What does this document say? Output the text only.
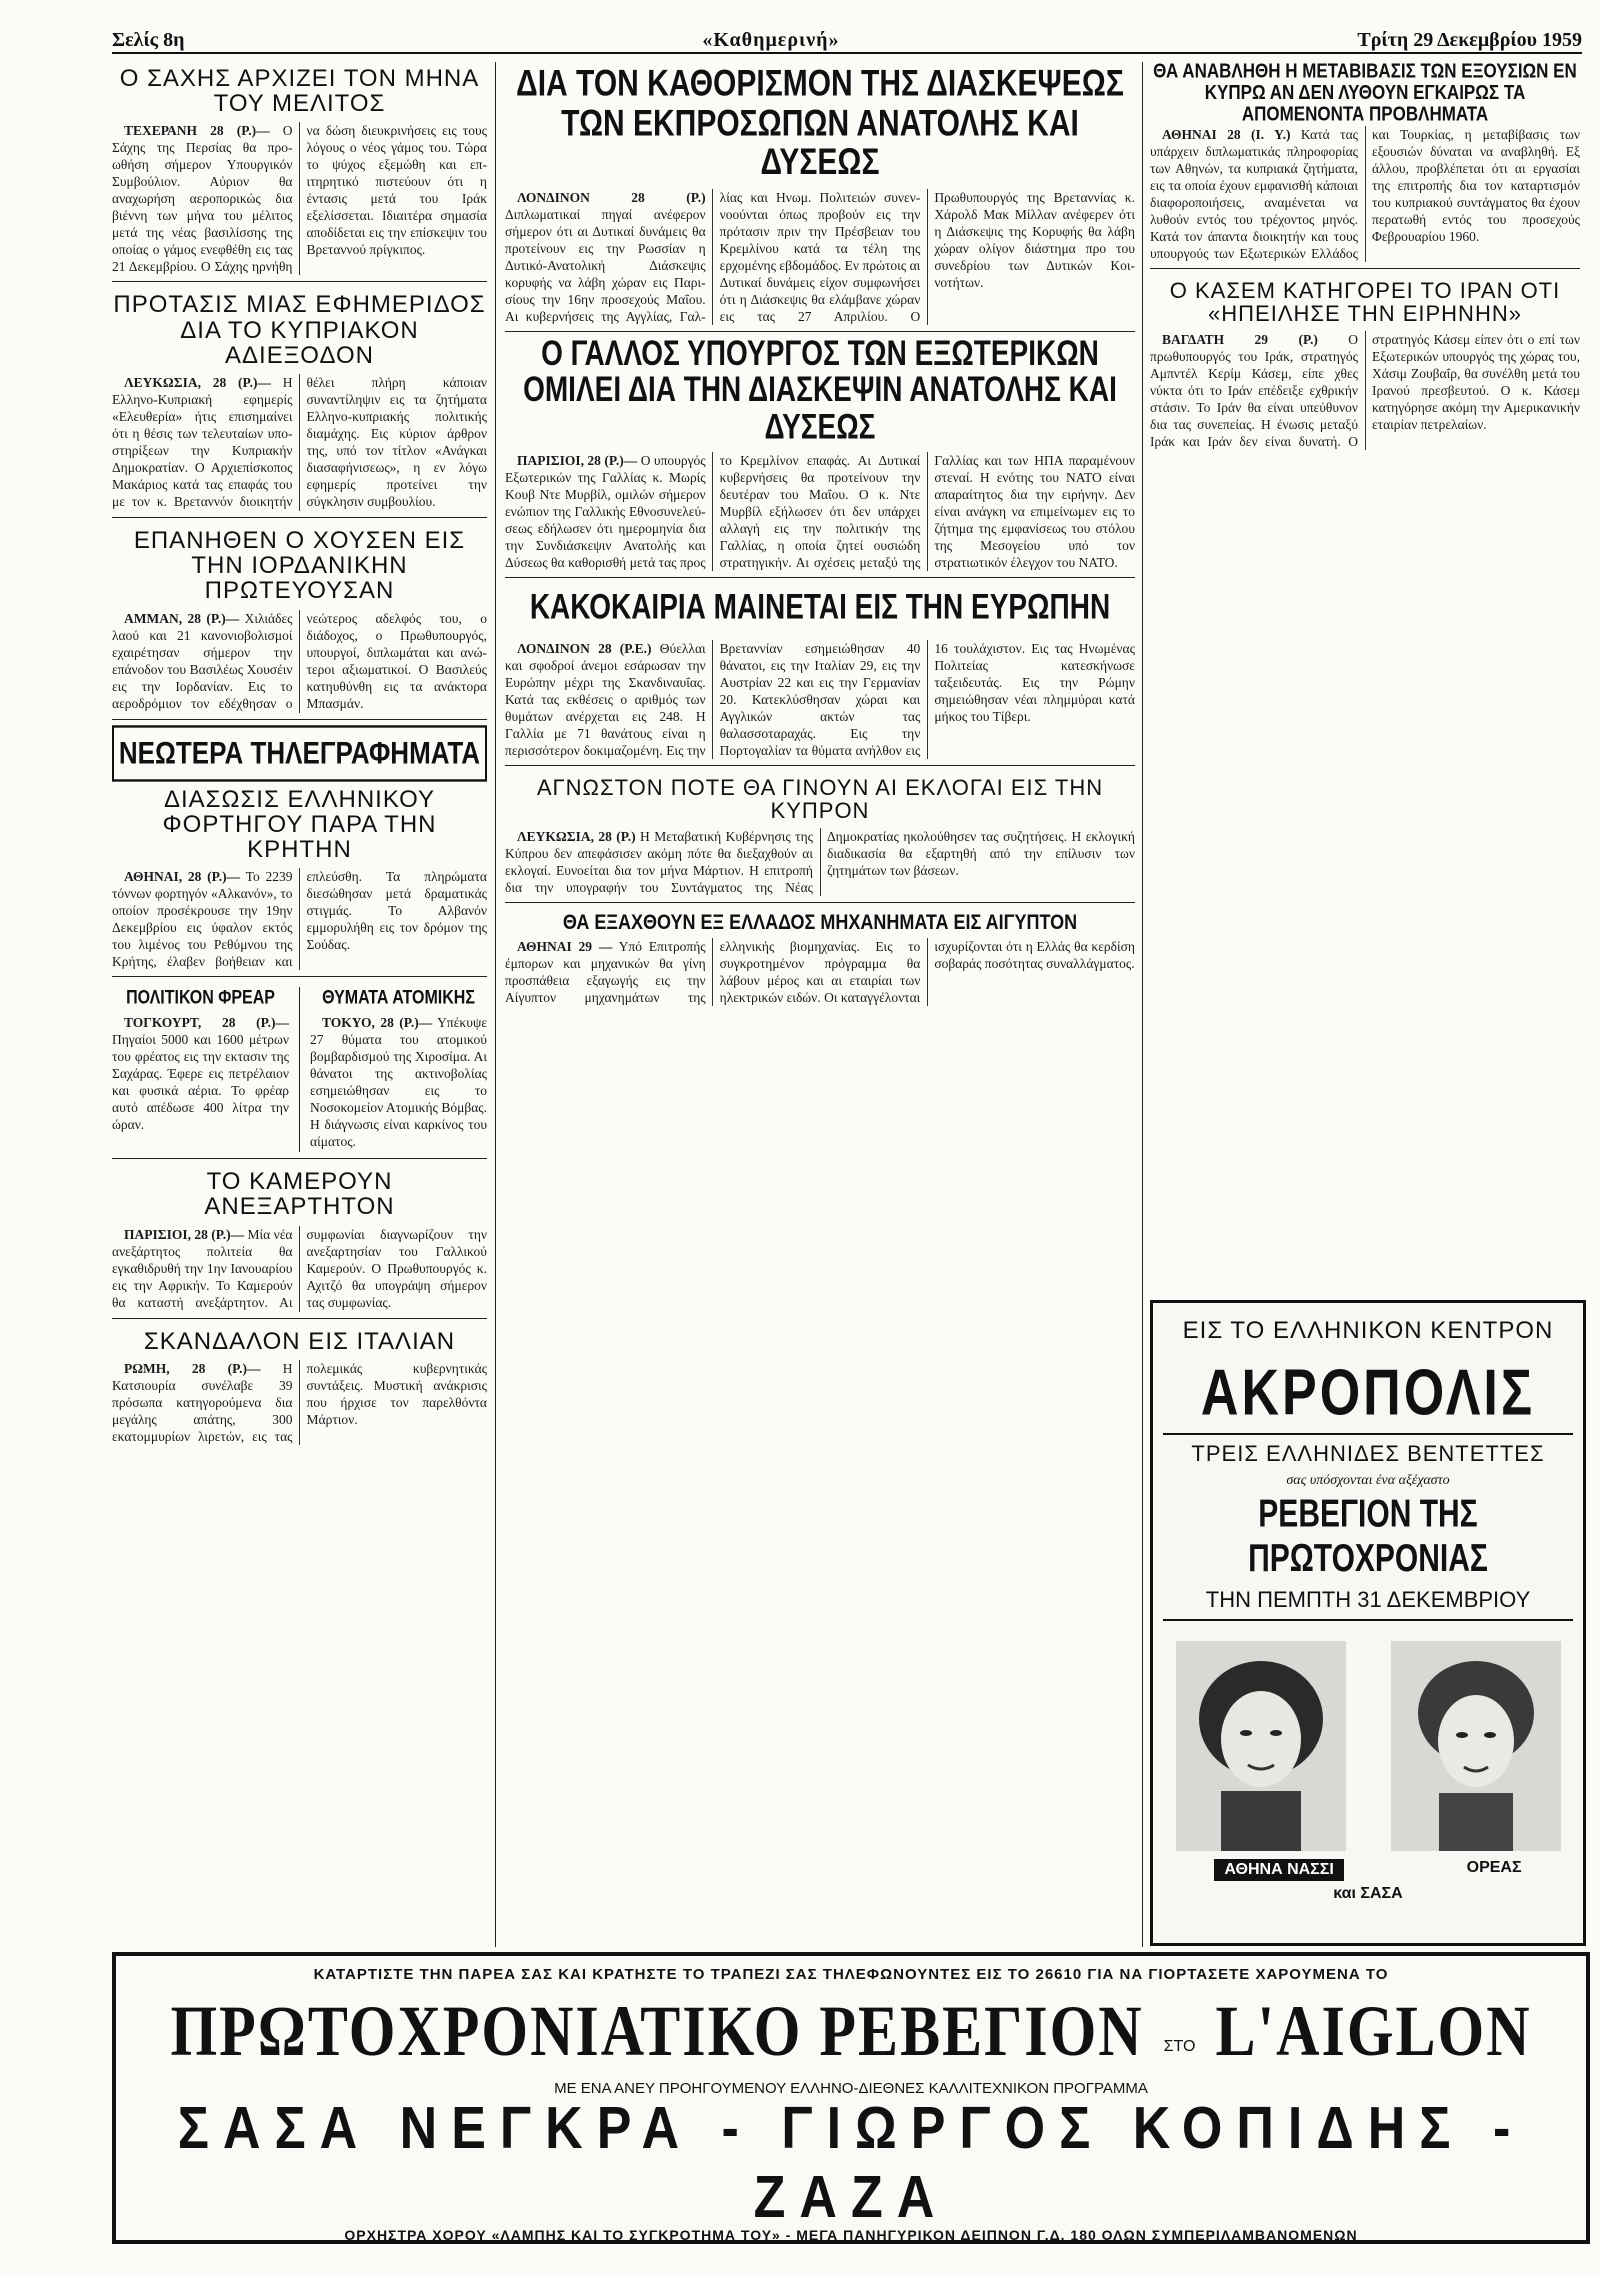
Σελίς 8η	«Καθημερινή»	Τρίτη 29 Δεκεμβρίου 1959
Ο ΣΑΧΗΣ ΑΡΧΙΖΕΙ ΤΟΝ ΜΗΝΑ ΤΟΥ ΜΕΛΙΤΟΣ

ΤΕΧΕΡΑΝΗ 28 (Ρ.)— Ο Σάχης της Περσίας θα προωθήση σήμερον Υπουργικόν Συμβούλιον. Αύριον θα αναχωρήση αεροπορικώς δια βιέννη των μήνα του μέλιτος μετά της νέας βασιλίσσης της οποίας ο γάμος ενεφθέθη εις τας 21 Δεκεμβρίου. Ο Σάχης ηρνήθη να δώση διευκρινήσεις εις τους λόγους ο νέος γάμος του. Τώρα το ψύχος εξεμώθη και επιτηρητικό πιστεύουν ότι η έντασις μετά του Ιράκ εξελίσσεται. Ιδιαιτέρα σημασία αποδίδεται εις την επίσκεψιν του Βρεταννού πρίγκιπος.

ΠΡΟΤΑΣΙΣ ΜΙΑΣ ΕΦΗΜΕΡΙΔΟΣ ΔΙΑ ΤΟ ΚΥΠΡΙΑΚΟΝ ΑΔΙΕΞΟΔΟΝ

ΛΕΥΚΩΣΙΑ, 28 (Ρ.)— Η Ελληνο-Κυπριακή εφημερίς «Ελευθερία» ήτις επισημαίνει ότι η θέσις των τελευταίων υποστηρίξεων την Κυπριακήν Δημοκρατίαν. Ο Αρχιεπίσκοπος Μακάριος κατά τας επαφάς του με τον κ. Βρεταννόν διοικητήν θέλει πλήρη κάποιαν συναντίληψιν εις τα ζητήματα Ελληνο-κυπριακής πολιτικής διαμάχης. Εις κύριον άρθρον της, υπό τον τίτλον «Ανάγκαι διασαφήνισεως», η εν λόγω εφημερίς προτείνει την σύγκλησιν συμβουλίου.

ΕΠΑΝΗΘΕΝ Ο ΧΟΥΣΕΝ ΕΙΣ ΤΗΝ ΙΟΡΔΑΝΙΚΗΝ ΠΡΩΤΕΥΟΥΣΑΝ

ΑΜΜΑΝ, 28 (Ρ.)— Χιλιάδες λαού και 21 κανονιοβολισμοί εχαιρέτησαν σήμερον την επάνοδον του Βασιλέως Χουσέιν εις την Ιορδανίαν. Εις το αεροδρόμιον τον εδέχθησαν ο νεώτερος αδελφός του, ο διάδοχος, ο Πρωθυπουργός, υπουργοί, διπλωμάται και ανώτεροι αξιωματικοί. Ο Βασιλεύς κατηυθύνθη εις τα ανάκτορα Μπασμάν.

ΝΕΩΤΕΡΑ ΤΗΛΕΓΡΑΦΗΜΑΤΑ
ΔΙΑΣΩΣΙΣ ΕΛΛΗΝΙΚΟΥ ΦΟΡΤΗΓΟΥ ΠΑΡΑ ΤΗΝ ΚΡΗΤΗΝ

ΑΘΗΝΑΙ, 28 (Ρ.)— Το 2239 τόννων φορτηγόν «Αλκανόν», το οποίον προσέκρουσε την 19ην Δεκεμβρίου εις ύφαλον εκτός του λιμένος του Ρεθύμνου της Κρήτης, έλαβεν βοήθειαν και επλεύσθη. Τα πληρώματα διεσώθησαν μετά δραματικάς στιγμάς. Το Αλβανόν εμμορυλήθη εις τον δρόμον της Σούδας.

ΠΟΛΙΤΙΚΟΝ ΦΡΕΑΡ

ΤΟΓΚΟΥΡΤ, 28 (Ρ.)— Πηγαίοι 5000 και 1600 μέτρων του φρέατος εις την εκτασιν της Σαχάρας. Έφερε εις πετρέλαιον και φυσικά αέρια. Το φρέαρ αυτό απέδωσε 400 λίτρα την ώραν.

ΘΥΜΑΤΑ ΑΤΟΜΙΚΗΣ

ΤΟΚΥΟ, 28 (Ρ.)— Υπέκυψε 27 θύματα του ατομικού βομβαρδισμού της Χιροσίμα. Αι θάνατοι της ακτινοβολίας εσημειώθησαν εις το Νοσοκομείον Ατομικής Βόμβας. Η διάγνωσις είναι καρκίνος του αίματος.

ΤΟ ΚΑΜΕΡΟΥΝ ΑΝΕΞΑΡΤΗΤΟΝ

ΠΑΡΙΣΙΟΙ, 28 (Ρ.)— Μία νέα ανεξάρτητος πολιτεία θα εγκαθιδρυθή την 1ην Ιανουαρίου εις την Αφρικήν. Το Καμερούν θα καταστή ανεξάρτητον. Αι συμφωνίαι διαγνωρίζουν την ανεξαρτησίαν του Γαλλικού Καμερούν. Ο Πρωθυπουργός κ. Αχιτζό θα υπογράψη σήμερον τας συμφωνίας.

ΣΚΑΝΔΑΛΟΝ ΕΙΣ ΙΤΑΛΙΑΝ

ΡΩΜΗ, 28 (Ρ.)— Η Κατσιουρία συνέλαβε 39 πρόσωπα κατηγορούμενα δια μεγάλης απάτης, 300 εκατομμυρίων λιρετών, εις τας πολεμικάς κυβερνητικάς συντάξεις. Μυστική ανάκρισις που ήρχισε τον παρελθόντα Μάρτιον.

ΔΙΑ ΤΟΝ ΚΑΘΟΡΙΣΜΟΝ ΤΗΣ ΔΙΑΣΚΕΨΕΩΣ ΤΩΝ ΕΚΠΡΟΣΩΠΩΝ ΑΝΑΤΟΛΗΣ ΚΑΙ ΔΥΣΕΩΣ

ΛΟΝΔΙΝΟΝ 28 (Ρ.) Διπλωματικαί πηγαί ανέφερον σήμερον ότι αι Δυτικαί δυνάμεις θα προτείνουν εις την Ρωσσίαν η Δυτικό-Ανατολική Διάσκεψις κορυφής να λάβη χώραν εις Παρισίους την 16ην προσεχούς Μαΐου. Αι κυβερνήσεις της Αγγλίας, Γαλλίας και Ηνωμ. Πολιτειών συνεννοούνται όπως προβούν εις την πρότασιν πριν την Πρέσβειαν του Κρεμλίνου κατά τα τέλη της ερχομένης εβδομάδος. Εν πρώτοις αι Δυτικαί δυνάμεις είχον συμφωνήσει ότι η Διάσκεψις θα ελάμβανε χώραν εις τας 27 Απριλίου. Ο Πρωθυπουργός της Βρεταννίας κ. Χάρολδ Μακ Μίλλαν ανέφερεν ότι η Διάσκεψις της Κορυφής θα λάβη χώραν ολίγον διάστημα προ του συνεδρίου των Δυτικών Κοινοτήτων.

Ο ΓΑΛΛΟΣ ΥΠΟΥΡΓΟΣ ΤΩΝ ΕΞΩΤΕΡΙΚΩΝ ΟΜΙΛΕΙ ΔΙΑ ΤΗΝ ΔΙΑΣΚΕΨΙΝ ΑΝΑΤΟΛΗΣ ΚΑΙ ΔΥΣΕΩΣ

ΠΑΡΙΣΙΟΙ, 28 (Ρ.)— Ο υπουργός Εξωτερικών της Γαλλίας κ. Μωρίς Κουβ Ντε Μυρβίλ, ομιλών σήμερον ενώπιον της Γαλλικής Εθνοσυνελεύσεως εδήλωσεν ότι ημερομηνία δια την Συνδιάσκεψιν Ανατολής και Δύσεως θα καθορισθή μετά τας προς το Κρεμλίνον επαφάς. Αι Δυτικαί κυβερνήσεις θα προτείνουν την δευτέραν του Μαΐου. Ο κ. Ντε Μυρβίλ εξήλωσεν ότι δεν υπάρχει αλλαγή εις την πολιτικήν της Γαλλίας, η οποία ζητεί ουσιώδη στρατηγικήν. Αι σχέσεις μεταξύ της Γαλλίας και των ΗΠΑ παραμένουν στεναί. Η ενότης του ΝΑΤΟ είναι απαραίτητος δια την ειρήνην. Δεν είναι ανάγκη να επιμείνωμεν εις το ζήτημα της εμφανίσεως του στόλου της Μεσογείου υπό τον στρατιωτικόν έλεγχον του ΝΑΤΟ.

ΚΑΚΟΚΑΙΡΙΑ ΜΑΙΝΕΤΑΙ ΕΙΣ ΤΗΝ ΕΥΡΩΠΗΝ

ΛΟΝΔΙΝΟΝ 28 (Ρ.Ε.) Θύελλαι και σφοδροί άνεμοι εσάρωσαν την Ευρώπην μέχρι της Σκανδιναυΐας. Κατά τας εκθέσεις ο αριθμός των θυμάτων ανέρχεται εις 248. Η Γαλλία με 71 θανάτους είναι η περισσότερον δοκιμαζομένη. Εις την Βρεταννίαν εσημειώθησαν 40 θάνατοι, εις την Ιταλίαν 29, εις την Αυστρίαν 22 και εις την Γερμανίαν 20. Κατεκλύσθησαν χώραι και Αγγλικών ακτών τας θαλασσοταραχάς. Εις την Πορτογαλίαν τα θύματα ανήλθον εις 16 τουλάχιστον. Εις τας Ηνωμένας Πολιτείας κατεσκήνωσε ταξειδευτάς. Εις την Ρώμην σημειώθησαν νέαι πλημμύραι κατά μήκος του Τίβερι.

ΑΓΝΩΣΤΟΝ ΠΟΤΕ ΘΑ ΓΙΝΟΥΝ ΑΙ ΕΚΛΟΓΑΙ ΕΙΣ ΤΗΝ ΚΥΠΡΟΝ

ΛΕΥΚΩΣΙΑ, 28 (Ρ.) Η Μεταβατική Κυβέρνησις της Κύπρου δεν απεφάσισεν ακόμη πότε θα διεξαχθούν αι εκλογαί. Ευνοείται δια τον μήνα Μάρτιον. Η επιτροπή δια την υπογραφήν του Συντάγματος της Νέας Δημοκρατίας ηκολούθησεν τας συζητήσεις. Η εκλογική διαδικασία θα εξαρτηθή από την επίλυσιν των ζητημάτων των βάσεων.

ΘΑ ΕΞΑΧΘΟΥΝ ΕΞ ΕΛΛΑΔΟΣ ΜΗΧΑΝΗΜΑΤΑ ΕΙΣ ΑΙΓΥΠΤΟΝ

ΑΘΗΝΑΙ 29 — Υπό Επιτροπής έμπορων και μηχανικών θα γίνη προσπάθεια εξαγωγής εις την Αίγυπτον μηχανημάτων της ελληνικής βιομηχανίας. Εις το συγκροτημένον πρόγραμμα θα λάβουν μέρος και αι εταιρίαι των ηλεκτρικών ειδών. Οι καταγγέλονται ισχυρίζονται ότι η Ελλάς θα κερδίση σοβαράς ποσότητας συναλλάγματος.

ΘΑ ΑΝΑΒΛΗΘΗ Η ΜΕΤΑΒΙΒΑΣΙΣ ΤΩΝ ΕΞΟΥΣΙΩΝ ΕΝ ΚΥΠΡΩ ΑΝ ΔΕΝ ΛΥΘΟΥΝ ΕΓΚΑΙΡΩΣ ΤΑ ΑΠΟΜΕΝΟΝΤΑ ΠΡΟΒΛΗΜΑΤΑ

ΑΘΗΝΑΙ 28 (Ι. Υ.) Κατά τας υπάρχειν διπλωματικάς πληροφορίας των Αθηνών, τα κυπριακά ζητήματα, εις τα οποία έχουν εμφανισθή κάποιαι διαφοροποιήσεις, αναμένεται να λυθούν εντός του τρέχοντος μηνός. Κατά τον άπαντα διοικητήν και τους υπουργούς των Εξωτερικών Ελλάδος και Τουρκίας, η μεταβίβασις των εξουσιών δύναται να αναβληθή. Εξ άλλου, προβλέπεται ότι αι εργασίαι της επιτροπής δια τον καταρτισμόν του κυπριακού συντάγματος θα έχουν περατωθή εντός του προσεχούς Φεβρουαρίου 1960.

Ο ΚΑΣΕΜ ΚΑΤΗΓΟΡΕΙ ΤΟ ΙΡΑΝ ΟΤΙ «ΗΠΕΙΛΗΣΕ ΤΗΝ ΕΙΡΗΝΗΝ»

ΒΑΓΔΑΤΗ 29 (Ρ.) Ο πρωθυπουργός του Ιράκ, στρατηγός Αμπντέλ Κερίμ Κάσεμ, είπε χθες νύκτα ότι το Ιράν επέδειξε εχθρικήν στάσιν. Το Ιράν θα είναι υπεύθυνον δια τας συνεπείας. Η ένωσις μεταξύ Ιράκ και Ιράν δεν είναι δυνατή. Ο στρατηγός Κάσεμ είπεν ότι ο επί των Εξωτερικών υπουργός της χώρας του, Χάσιμ Ζουβαΐρ, θα συνέλθη μετά του Ιρανού πρεσβευτού. Ο κ. Κάσεμ κατηγόρησε ακόμη την Αμερικανικήν εταιρίαν πετρελαίων.

ΕΙΣ ΤΟ ΕΛΛΗΝΙΚΟΝ ΚΕΝΤΡΟΝ
ΑΚΡΟΠΟΛΙΣ
ΤΡΕΙΣ ΕΛΛΗΝΙΔΕΣ ΒΕΝΤΕΤΤΕΣ
σας υπόσχονται ένα αξέχαστο
ΡΕΒΕΓΙΟΝ ΤΗΣ ΠΡΩΤΟΧΡΟΝΙΑΣ
ΤΗΝ ΠΕΜΠΤΗ 31 ΔΕΚΕΜΒΡΙΟΥ
ΑΘΗΝΑ ΝΑΣΣΙ	ΟΡΕΑΣ
και ΣΑΣΑ
ΚΑΤΑΡΤΙΣΤΕ ΤΗΝ ΠΑΡΕΑ ΣΑΣ ΚΑΙ ΚΡΑΤΗΣΤΕ ΤΟ ΤΡΑΠΕΖΙ ΣΑΣ ΤΗΛΕΦΩΝΟΥΝΤΕΣ ΕΙΣ ΤΟ 26610 ΓΙΑ ΝΑ ΓΙΟΡΤΑΣΕΤΕ ΧΑΡΟΥΜΕΝΑ ΤΟ
ΠΡΩΤΟΧΡΟΝΙΑΤΙΚΟ ΡΕΒΕΓΙΟΝ ΣΤΟ L'AIGLON
ΜΕ ΕΝΑ ΑΝΕΥ ΠΡΟΗΓΟΥΜΕΝΟΥ ΕΛΛΗΝΟ-ΔΙΕΘΝΕΣ ΚΑΛΛΙΤΕΧΝΙΚΟΝ ΠΡΟΓΡΑΜΜΑ
ΣΑΣΑ ΝΕΓΚΡΑ - ΓΙΩΡΓΟΣ ΚΟΠΙΔΗΣ - ΖΑΖΑ
ΟΡΧΗΣΤΡΑ ΧΟΡΟΥ «ΛΑΜΠΗΣ ΚΑΙ ΤΟ ΣΥΓΚΡΟΤΗΜΑ ΤΟΥ» - ΜΕΓΑ ΠΑΝΗΓΥΡΙΚΟΝ ΔΕΙΠΝΟΝ Γ.Δ. 180 ΟΛΩΝ ΣΥΜΠΕΡΙΛΑΜΒΑΝΟΜΕΝΩΝ
